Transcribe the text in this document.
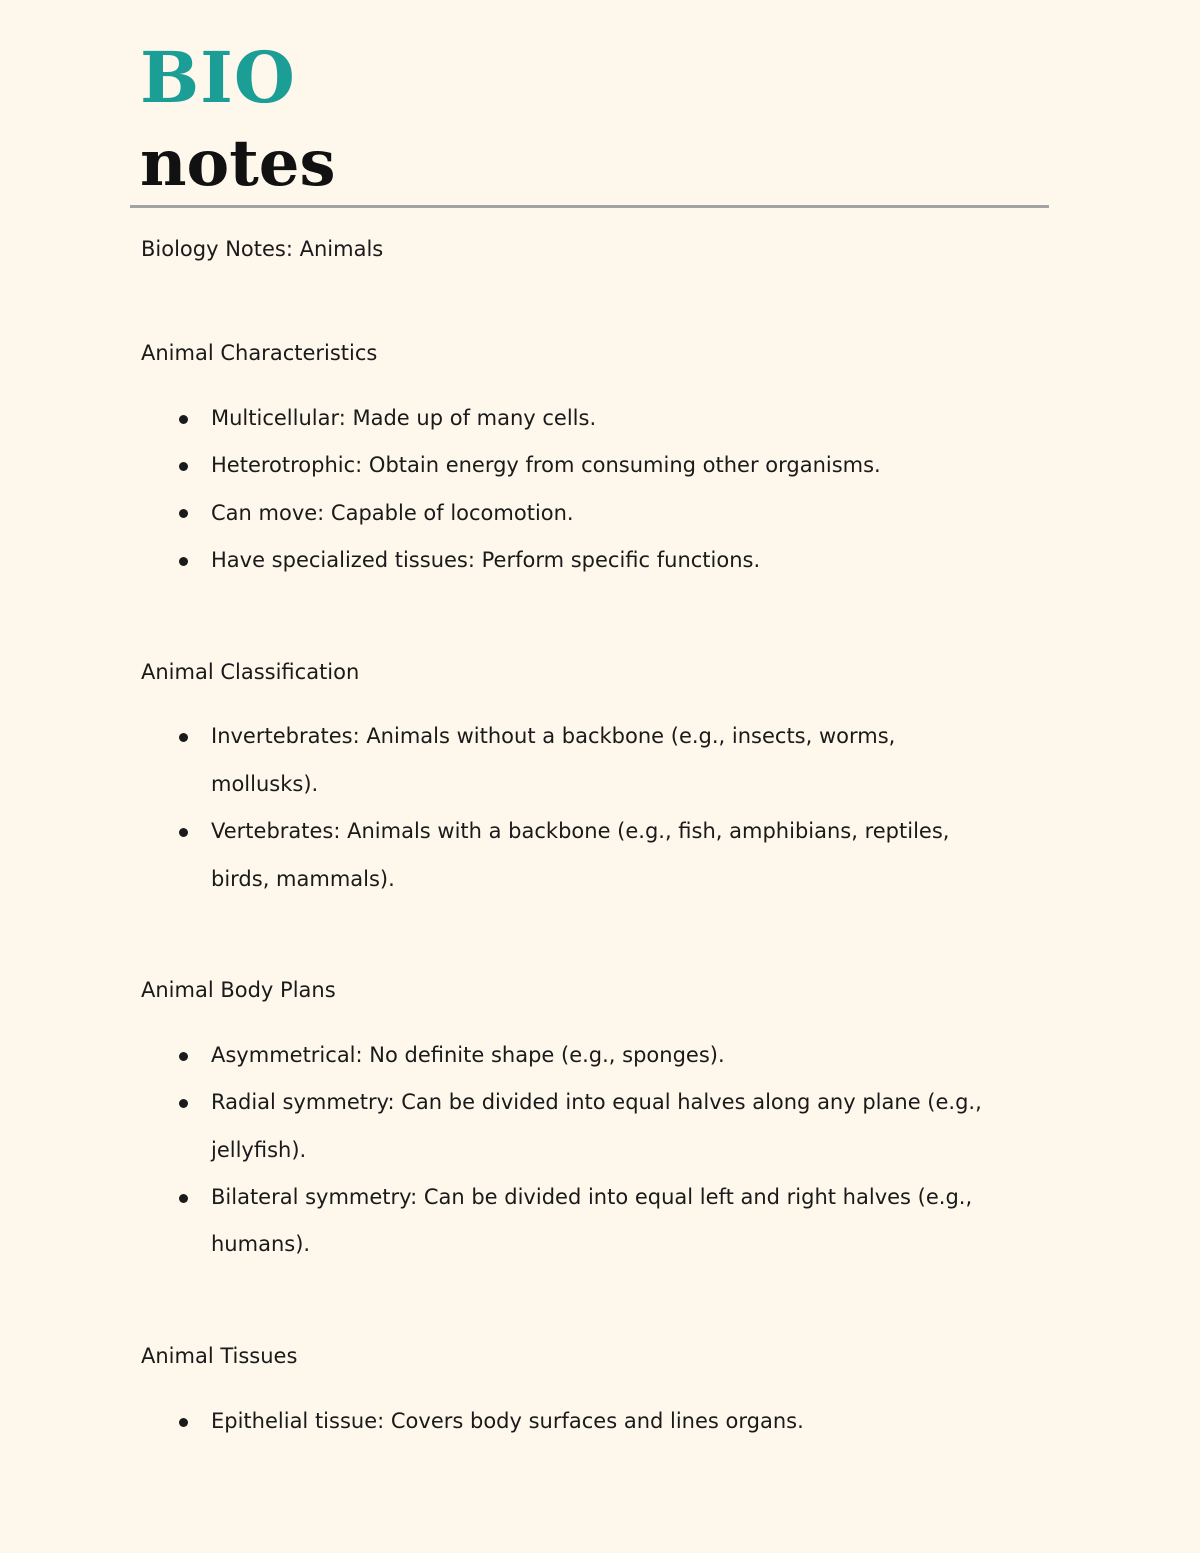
BIO
notes

Biology Notes: Animals

Animal Characteristics

Multicellular: Made up of many cells.

Heterotrophic: Obtain energy from consuming other organisms.

Can move: Capable of locomotion.

Have specialized tissues: Perform specific functions.

Animal Classification

Invertebrates: Animals without a backbone (e.g., insects, worms,

mollusks).

Vertebrates: Animals with a backbone (e.g., fish, amphibians, reptiles,

birds, mammals).

Animal Body Plans

Asymmetrical: No definite shape (e.g., sponges).

Radial symmetry: Can be divided into equal halves along any plane (e.g.,

jellyfish).

Bilateral symmetry: Can be divided into equal left and right halves (e.g.,

humans).

Animal Tissues

Epithelial tissue: Covers body surfaces and lines organs.
